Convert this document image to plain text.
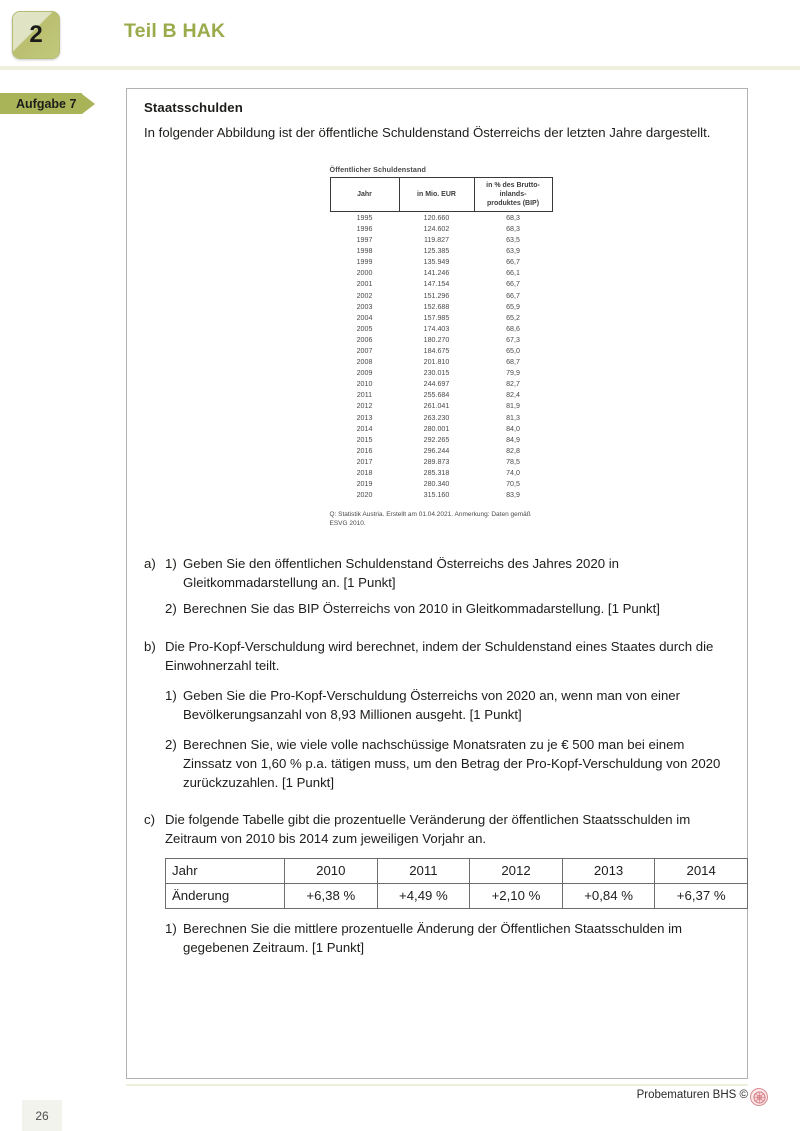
2	Teil B HAK
Aufgabe 7	Staatsschulden

In folgender Abbildung ist der öffentliche Schuldenstand Österreichs der letzten Jahre dargestellt.

Öffentlicher Schuldenstand
Jahr	in Mio. EUR	in % des Brutto-
inlands-
produktes (BIP)
1995	120.660	68,3
1996	124.602	68,3
1997	119.827	63,5
1998	125.385	63,9
1999	135.949	66,7
2000	141.246	66,1
2001	147.154	66,7
2002	151.296	66,7
2003	152.688	65,9
2004	157.985	65,2
2005	174.403	68,6
2006	180.270	67,3
2007	184.675	65,0
2008	201.810	68,7
2009	230.015	79,9
2010	244.697	82,7
2011	255.684	82,4
2012	261.041	81,9
2013	263.230	81,3
2014	280.001	84,0
2015	292.265	84,9
2016	296.244	82,8
2017	289.873	78,5
2018	285.318	74,0
2019	280.340	70,5
2020	315.160	83,9
Q: Statistik Austria. Erstellt am 01.04.2021. Anmerkung: Daten gemäß ESVG 2010.
a) 1) Geben Sie den öffentlichen Schuldenstand Österreichs des Jahres 2020 in Gleitkommadarstellung an. [1 Punkt]
2) Berechnen Sie das BIP Österreichs von 2010 in Gleitkommadarstellung. [1 Punkt]
b) Die Pro-Kopf-Verschuldung wird berechnet, indem der Schuldenstand eines Staates durch die Einwohnerzahl teilt.
1) Geben Sie die Pro-Kopf-Verschuldung Österreichs von 2020 an, wenn man von einer Bevölkerungsanzahl von 8,93 Millionen ausgeht. [1 Punkt]
2) Berechnen Sie, wie viele volle nachschüssige Monatsraten zu je € 500 man bei einem Zinssatz von 1,60 % p.a. tätigen muss, um den Betrag der Pro-Kopf-Verschuldung von 2020 zurückzuzahlen. [1 Punkt]
c) Die folgende Tabelle gibt die prozentuelle Veränderung der öffentlichen Staatsschulden im Zeitraum von 2010 bis 2014 zum jeweiligen Vorjahr an.
Jahr	2010	2011	2012	2013	2014
Änderung	+6,38 %	+4,49 %	+2,10 %	+0,84 %	+6,37 %
1) Berechnen Sie die mittlere prozentuelle Änderung der Öffentlichen Staatsschulden im gegebenen Zeitraum. [1 Punkt]
26
Probematuren BHS ©
